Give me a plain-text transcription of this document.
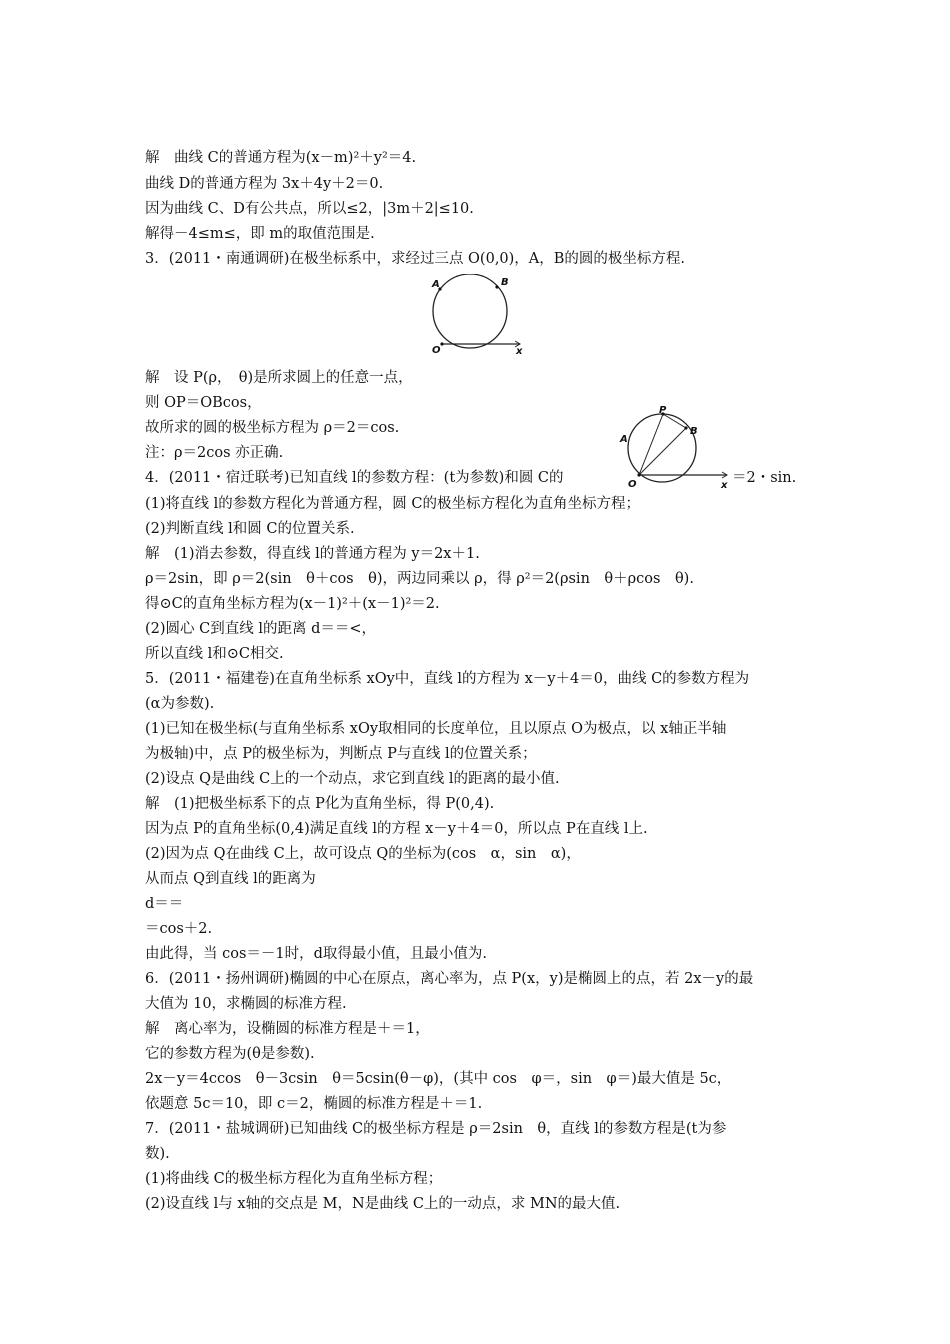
解　曲线 C的普通方程为(x－m)²＋y²＝4.
曲线 D的普通方程为 3x＋4y＋2＝0.
因为曲线 C、D有公共点，所以≤2，|3m＋2|≤10.
解得－4≤m≤，即 m的取值范围是.
3．(2011・南通调研)在极坐标系中，求经过三点 O(0,0)，A，B的圆的极坐标方程.
A	B
O	x
解　设 P(ρ，　θ)是所求圆上的任意一点，
则 OP＝OBcos，
故所求的圆的极坐标方程为 ρ＝2＝cos.
注：ρ＝2cos 亦正确.
4．(2011・宿迁联考)已知直线 l的参数方程：(t为参数)和圆 C的	＝2・sin.
P
A
B
O	x
(1)将直线 l的参数方程化为普通方程，圆 C的极坐标方程化为直角坐标方程；
(2)判断直线 l和圆 C的位置关系.
解　(1)消去参数，得直线 l的普通方程为 y＝2x＋1.
ρ＝2sin，即 ρ＝2(sin　θ＋cos　θ)，两边同乘以 ρ，得 ρ²＝2(ρsin　θ＋ρcos　θ).
得⊙C的直角坐标方程为(x－1)²＋(x－1)²＝2.
(2)圆心 C到直线 l的距离 d＝＝<，
所以直线 l和⊙C相交.
5．(2011・福建卷)在直角坐标系 xOy中，直线 l的方程为 x－y＋4＝0，曲线 C的参数方程为
(α为参数).
(1)已知在极坐标(与直角坐标系 xOy取相同的长度单位，且以原点 O为极点，以 x轴正半轴
为极轴)中，点 P的极坐标为，判断点 P与直线 l的位置关系；
(2)设点 Q是曲线 C上的一个动点，求它到直线 l的距离的最小值.
解　(1)把极坐标系下的点 P化为直角坐标，得 P(0,4).
因为点 P的直角坐标(0,4)满足直线 l的方程 x－y＋4＝0，所以点 P在直线 l上.
(2)因为点 Q在曲线 C上，故可设点 Q的坐标为(cos　α，sin　α)，
从而点 Q到直线 l的距离为
d＝＝
＝cos＋2.
由此得，当 cos＝－1时，d取得最小值，且最小值为.
6．(2011・扬州调研)椭圆的中心在原点，离心率为，点 P(x，y)是椭圆上的点，若 2x－y的最
大值为 10，求椭圆的标准方程.
解　离心率为，设椭圆的标准方程是＋＝1，
它的参数方程为(θ是参数).
2x－y＝4ccos　θ－3csin　θ＝5csin(θ－φ)，(其中 cos　φ＝，sin　φ＝)最大值是 5c，
依题意 5c＝10，即 c＝2，椭圆的标准方程是＋＝1.
7．(2011・盐城调研)已知曲线 C的极坐标方程是 ρ＝2sin　θ，直线 l的参数方程是(t为参
数).
(1)将曲线 C的极坐标方程化为直角坐标方程；
(2)设直线 l与 x轴的交点是 M，N是曲线 C上的一动点，求 MN的最大值.
